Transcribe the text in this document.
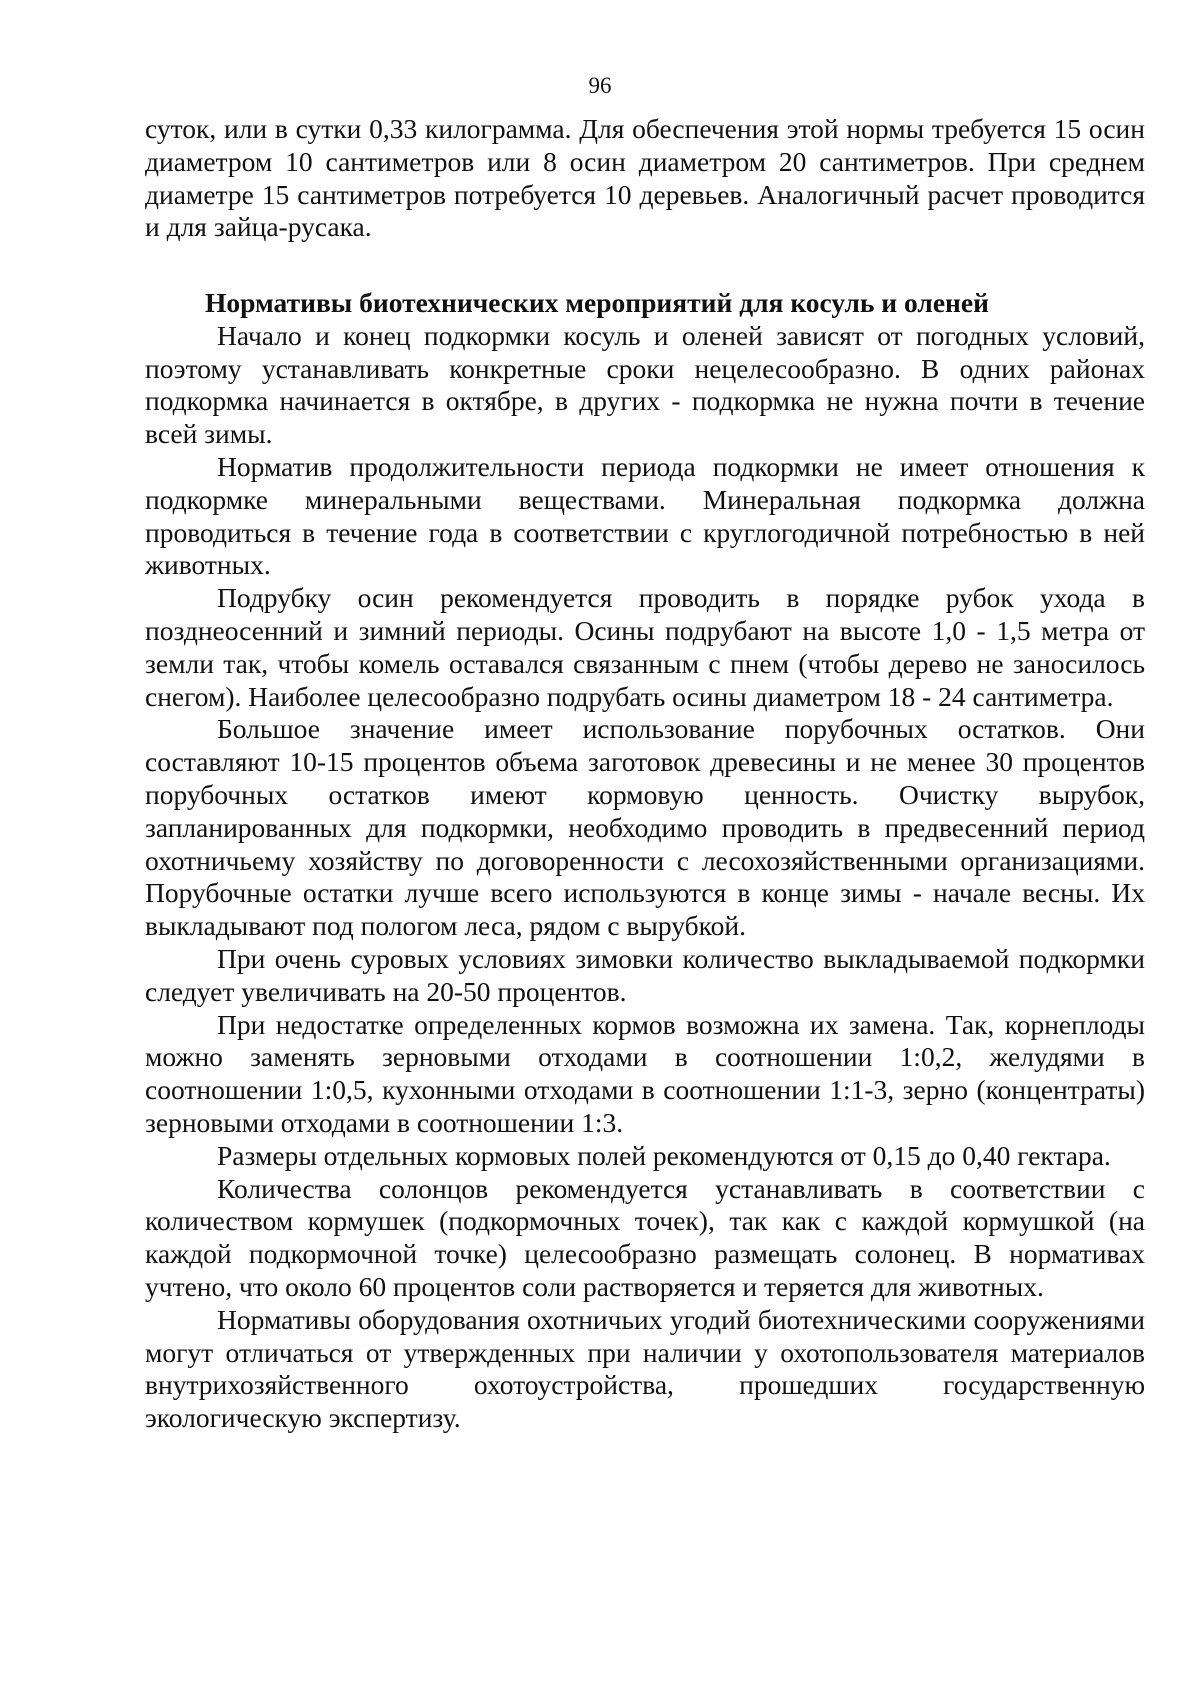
96

суток, или в сутки 0,33 килограмма. Для обеспечения этой нормы требуется 15 осин диаметром 10 сантиметров или 8 осин диаметром 20 сантиметров. При среднем диаметре 15 сантиметров потребуется 10 деревьев. Аналогичный расчет проводится и для зайца-русака.

Нормативы биотехнических мероприятий для косуль и оленей

Начало и конец подкормки косуль и оленей зависят от погодных условий, поэтому устанавливать конкретные сроки нецелесообразно. В одних районах подкормка начинается в октябре, в других - подкормка не нужна почти в течение всей зимы.

Норматив продолжительности периода подкормки не имеет отношения к подкормке минеральными веществами. Минеральная подкормка должна проводиться в течение года в соответствии с круглогодичной потребностью в ней животных.

Подрубку осин рекомендуется проводить в порядке рубок ухода в позднеосенний и зимний периоды. Осины подрубают на высоте 1,0 - 1,5 метра от земли так, чтобы комель оставался связанным с пнем (чтобы дерево не заносилось снегом). Наиболее целесообразно подрубать осины диаметром 18 - 24 сантиметра.

Большое значение имеет использование порубочных остатков. Они составляют 10-15 процентов объема заготовок древесины и не менее 30 процентов порубочных остатков имеют кормовую ценность. Очистку вырубок, запланированных для подкормки, необходимо проводить в предвесенний период охотничьему хозяйству по договоренности с лесохозяйственными организациями. Порубочные остатки лучше всего используются в конце зимы - начале весны. Их выкладывают под пологом леса, рядом с вырубкой.

При очень суровых условиях зимовки количество выкладываемой подкормки следует увеличивать на 20-50 процентов.

При недостатке определенных кормов возможна их замена. Так, корнеплоды можно заменять зерновыми отходами в соотношении 1:0,2, желудями в соотношении 1:0,5, кухонными отходами в соотношении 1:1-3, зерно (концентраты) зерновыми отходами в соотношении 1:3.

Размеры отдельных кормовых полей рекомендуются от 0,15 до 0,40 гектара.

Количества солонцов рекомендуется устанавливать в соответствии с количеством кормушек (подкормочных точек), так как с каждой кормушкой (на каждой подкормочной точке) целесообразно размещать солонец. В нормативах учтено, что около 60 процентов соли растворяется и теряется для животных.

Нормативы оборудования охотничьих угодий биотехническими сооружениями могут отличаться от утвержденных при наличии у охотопользователя материалов внутрихозяйственного охотоустройства, прошедших государственную экологическую экспертизу.
